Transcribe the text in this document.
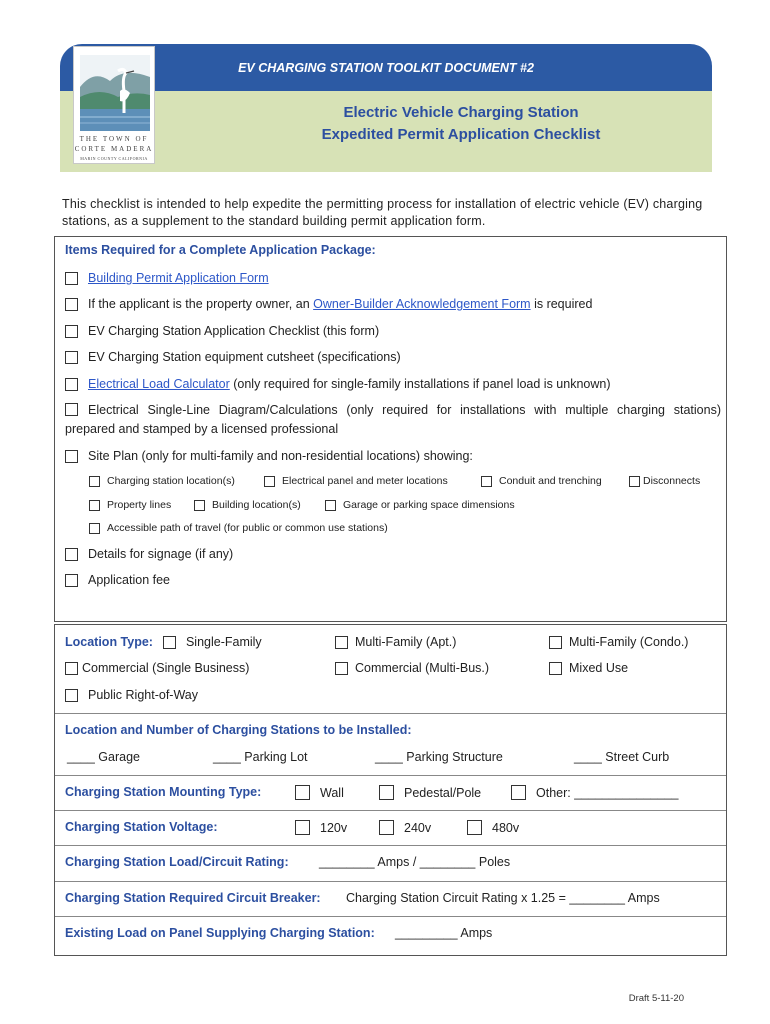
EV CHARGING STATION TOOLKIT DOCUMENT #2
Electric Vehicle Charging Station
Expedited Permit Application Checklist
THE TOWN OF
CORTE MADERA
MARIN COUNTY CALIFORNIA
This checklist is intended to help expedite the permitting process for installation of electric vehicle (EV) charging stations, as a supplement to the standard building permit application form.
Items Required for a Complete Application Package:
Building Permit Application Form
If the applicant is the property owner, an Owner-Builder Acknowledgement Form is required
EV Charging Station Application Checklist (this form)
EV Charging Station equipment cutsheet (specifications)
Electrical Load Calculator (only required for single-family installations if panel load is unknown)
Electrical Single-Line Diagram/Calculations (only required for installations with multiple charging stations) prepared and stamped by a licensed professional
Site Plan (only for multi-family and non-residential locations) showing:
Charging station location(s)	Electrical panel and meter locations	Conduit and trenching	Disconnects
Property lines	Building location(s)	Garage or parking space dimensions
Accessible path of travel (for public or common use stations)
Details for signage (if any)
Application fee
Location Type:	Single-Family	Multi-Family (Apt.)	Multi-Family (Condo.)
Commercial (Single Business)	Commercial (Multi-Bus.)	Mixed Use
Public Right-of-Way
Location and Number of Charging Stations to be Installed:
____ Garage	____ Parking Lot	____ Parking Structure	____ Street Curb
Charging Station Mounting Type:	Wall	Pedestal/Pole	Other: _______________
Charging Station Voltage:	120v	240v	480v
Charging Station Load/Circuit Rating: ________ Amps / ________ Poles
Charging Station Required Circuit Breaker: Charging Station Circuit Rating x 1.25 = ________ Amps
Existing Load on Panel Supplying Charging Station: _________ Amps
Draft 5-11-20
